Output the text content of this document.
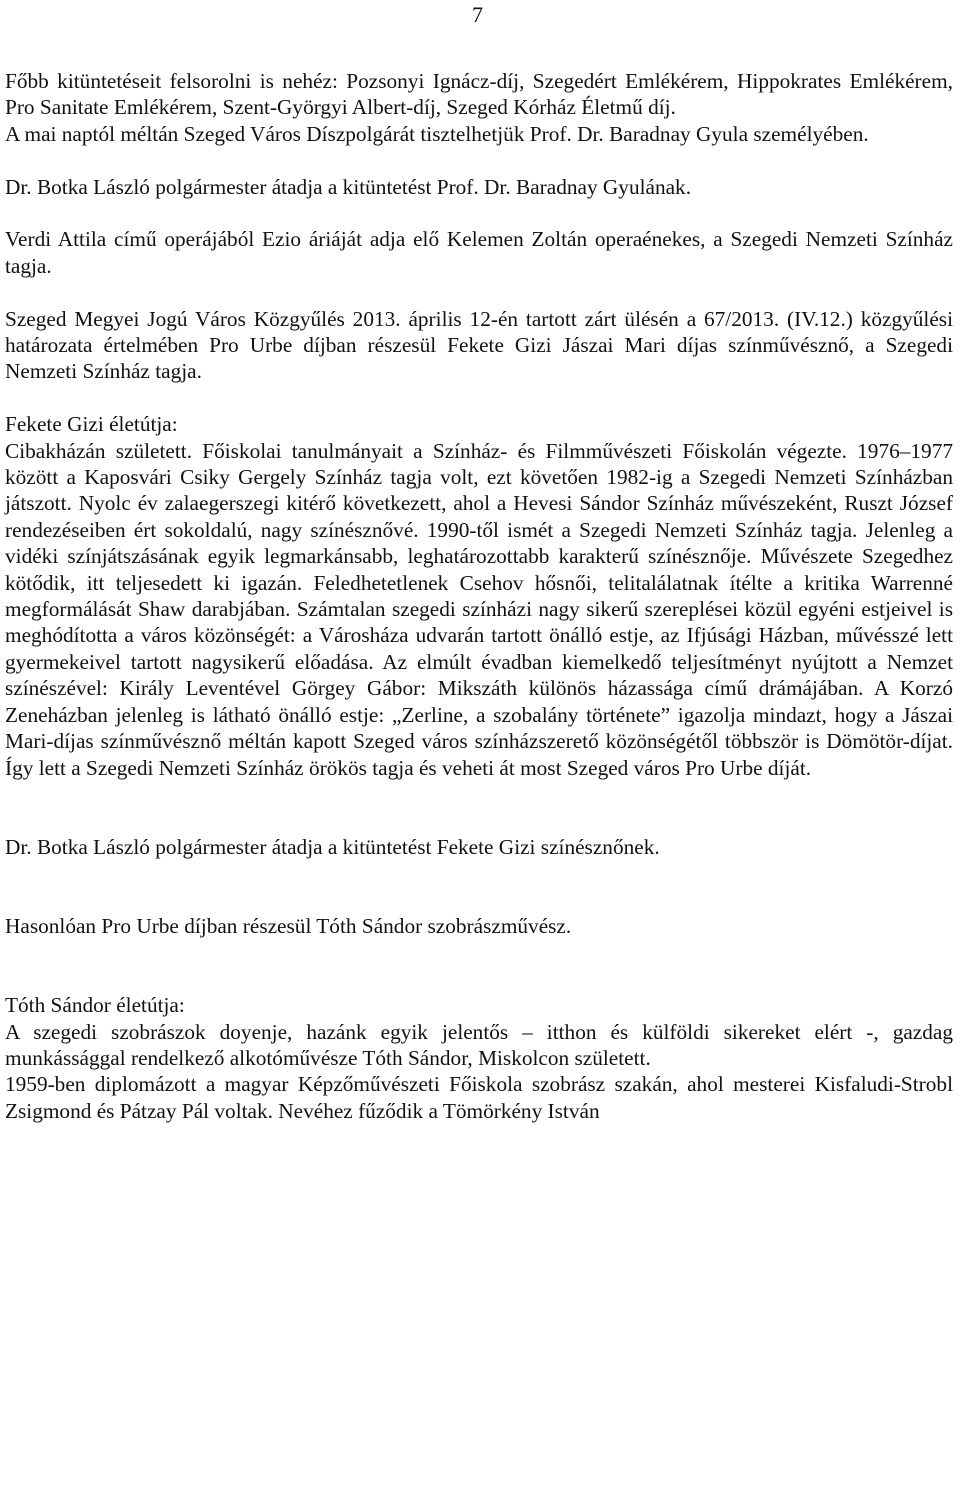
7

Főbb kitüntetéseit felsorolni is nehéz: Pozsonyi Ignácz-díj, Szegedért Emlékérem, Hippokrates Emlékérem, Pro Sanitate Emlékérem, Szent-Györgyi Albert-díj, Szeged Kórház Életmű díj.
A mai naptól méltán Szeged Város Díszpolgárát tisztelhetjük Prof. Dr. Baradnay Gyula személyében.

Dr. Botka László polgármester átadja a kitüntetést Prof. Dr. Baradnay Gyulának.

Verdi Attila című operájából Ezio áriáját adja elő Kelemen Zoltán operaénekes, a Szegedi Nemzeti Színház tagja.

Szeged Megyei Jogú Város Közgyűlés 2013. április 12-én tartott zárt ülésén a 67/2013. (IV.12.) közgyűlési határozata értelmében Pro Urbe díjban részesül Fekete Gizi Jászai Mari díjas színművésznő, a Szegedi Nemzeti Színház tagja.

Fekete Gizi életútja:

Cibakházán született. Főiskolai tanulmányait a Színház- és Filmművészeti Főiskolán végezte. 1976–1977 között a Kaposvári Csiky Gergely Színház tagja volt, ezt követően 1982-ig a Szegedi Nemzeti Színházban játszott. Nyolc év zalaegerszegi kitérő következett, ahol a Hevesi Sándor Színház művészeként, Ruszt József rendezéseiben ért sokoldalú, nagy színésznővé. 1990-től ismét a Szegedi Nemzeti Színház tagja. Jelenleg a vidéki színjátszásának egyik legmarkánsabb, leghatározottabb karakterű színésznője. Művészete Szegedhez kötődik, itt teljesedett ki igazán. Feledhetetlenek Csehov hősnői, telitalálatnak ítélte a kritika Warrenné megformálását Shaw darabjában. Számtalan szegedi színházi nagy sikerű szereplései közül egyéni estjeivel is meghódította a város közönségét: a Városháza udvarán tartott önálló estje, az Ifjúsági Házban, művésszé lett gyermekeivel tartott nagysikerű előadása. Az elmúlt évadban kiemelkedő teljesítményt nyújtott a Nemzet színészével: Király Leventével Görgey Gábor: Mikszáth különös házassága című drámájában. A Korzó Zeneházban jelenleg is látható önálló estje: „Zerline, a szobalány története” igazolja mindazt, hogy a Jászai Mari-díjas színművésznő méltán kapott Szeged város színházszerető közönségétől többször is Dömötör-díjat. Így lett a Szegedi Nemzeti Színház örökös tagja és veheti át most Szeged város Pro Urbe díját.

Dr. Botka László polgármester átadja a kitüntetést Fekete Gizi színésznőnek.

Hasonlóan Pro Urbe díjban részesül Tóth Sándor szobrászművész.

Tóth Sándor életútja:

A szegedi szobrászok doyenje, hazánk egyik jelentős – itthon és külföldi sikereket elért -, gazdag munkássággal rendelkező alkotóművésze Tóth Sándor, Miskolcon született.

1959-ben diplomázott a magyar Képzőművészeti Főiskola szobrász szakán, ahol mesterei Kisfaludi-Strobl Zsigmond és Pátzay Pál voltak. Nevéhez fűződik a Tömörkény István
